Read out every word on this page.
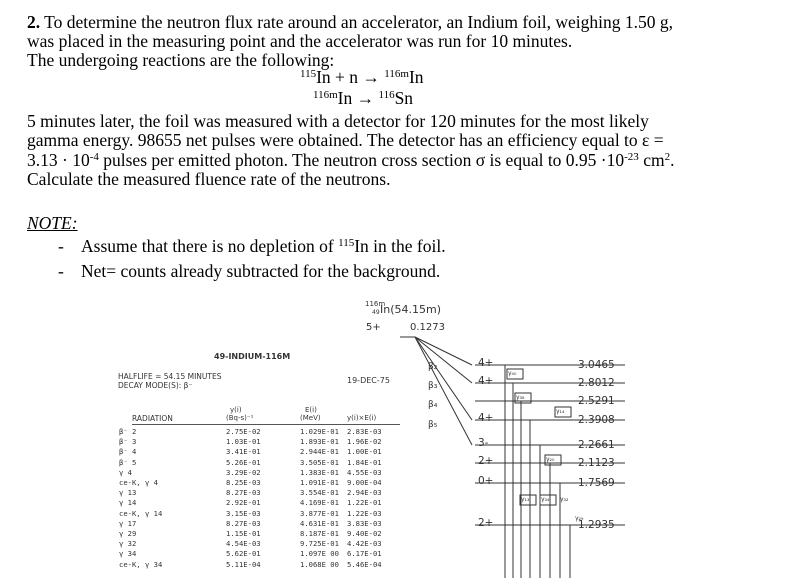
2. To determine the neutron flux rate around an accelerator, an Indium foil, weighing 1.50 g,
was placed in the measuring point and the accelerator was run for 10 minutes.
The undergoing reactions are the following:
$^{115}$In + n → $^{116m}$In
$^{116m}$In → $^{116}$Sn
5 minutes later, the foil was measured with a detector for 120 minutes for the most likely
gamma energy. 98655 net pulses were obtained. The detector has an efficiency equal to ε =
$3.13 \cdot 10^{-4}$ pulses per emitted photon. The neutron cross section σ is equal to $0.95 \cdot 10^{-23}$ $cm^2$.
Calculate the measured fluence rate of the neutrons.
NOTE:
- Assume that there is no depletion of $^{115}$In in the foil.
- Net= counts already subtracted for the background.
49-INDIUM-116M
HALFLIFE = 54.15 MINUTES
DECAY MODE(S): β⁻
19-DEC-75
RADIATION
y(i)
(Bq-s)⁻¹
E(i)
(MeV)	y(i)×E(i)
β⁻ 2	2.75E-02	1.029E-01 2.83E-03
β⁻ 3	1.03E-01	1.893E-01 1.96E-02
β⁻ 4	3.41E-01	2.944E-01 1.00E-01
β⁻ 5	5.26E-01	3.505E-01 1.84E-01
γ 4	3.29E-02	1.383E-01 4.55E-03
ce-K, γ 4	8.25E-03	1.091E-01 9.00E-04
γ 13	8.27E-03	3.554E-01 2.94E-03
γ 14	2.92E-01	4.169E-01 1.22E-01
ce-K, γ 14	3.15E-03	3.877E-01 1.22E-03
γ 17	8.27E-03	4.631E-01 3.83E-03
γ 29	1.15E-01	8.187E-01 9.40E-02
γ 32	4.54E-03	9.725E-01 4.42E-03
γ 34	5.62E-01	1.097E 00 6.17E-01
ce-K, γ 34	5.11E-04	1.068E 00 5.46E-04
116m
49 In(54.15m)
5+	0.1273
β₂
β₃
β₄
β₅
4+	3.0465
4+	2.8012
2.5291
4+	2.3908
3-	2.2661
2+	2.1123
0+	1.7569
2+	1.2935
γ₄₀
γ₃₈
γ₁₄
γ₂₀
γ₁₃ γ₃₄ γ₃₂
γ₂₉
